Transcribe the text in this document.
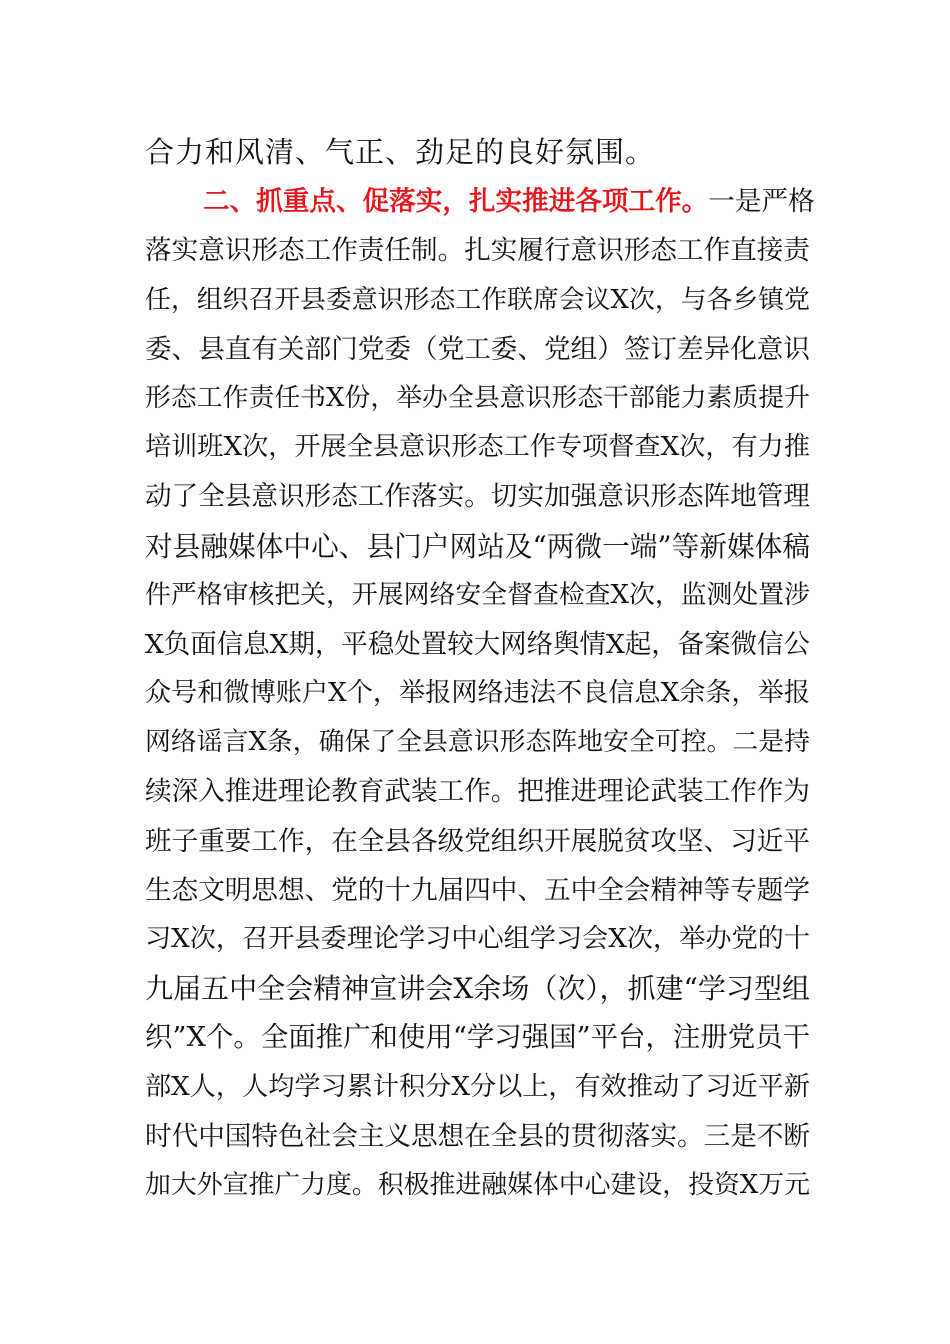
合力和风清、气正、劲足的良好氛围。
二、抓重点、促落实，扎实推进各项工作。一是严格
落实意识形态工作责任制。扎实履行意识形态工作直接责
任，组织召开县委意识形态工作联席会议X次，与各乡镇党
委、县直有关部门党委（党工委、党组）签订差异化意识
形态工作责任书X份，举办全县意识形态干部能力素质提升
培训班X次，开展全县意识形态工作专项督查X次，有力推
动了全县意识形态工作落实。切实加强意识形态阵地管理
对县融媒体中心、县门户网站及“两微一端”等新媒体稿
件严格审核把关，开展网络安全督查检查X次，监测处置涉
X负面信息X期，平稳处置较大网络舆情X起，备案微信公
众号和微博账户X个，举报网络违法不良信息X余条，举报
网络谣言X条，确保了全县意识形态阵地安全可控。二是持
续深入推进理论教育武装工作。把推进理论武装工作作为
班子重要工作，在全县各级党组织开展脱贫攻坚、习近平
生态文明思想、党的十九届四中、五中全会精神等专题学
习X次，召开县委理论学习中心组学习会X次，举办党的十
九届五中全会精神宣讲会X余场（次），抓建“学习型组
织”X个。全面推广和使用“学习强国”平台，注册党员干
部X人，人均学习累计积分X分以上，有效推动了习近平新
时代中国特色社会主义思想在全县的贯彻落实。三是不断
加大外宣推广力度。积极推进融媒体中心建设，投资X万元
